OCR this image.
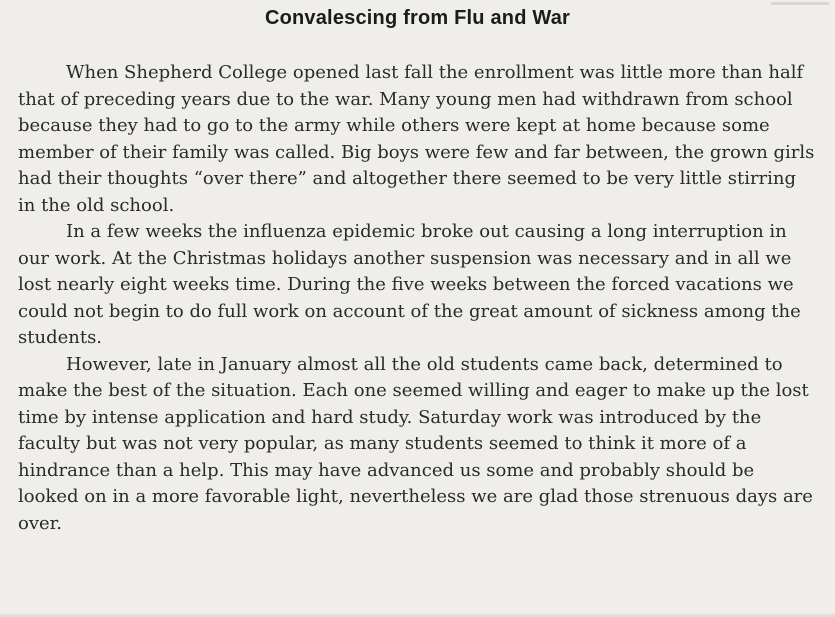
Convalescing from Flu and War

When Shepherd College opened last fall the enrollment was little more than half that of preceding years due to the war. Many young men had withdrawn from school because they had to go to the army while others were kept at home because some member of their family was called. Big boys were few and far between, the grown girls had their thoughts “over there” and altogether there seemed to be very little stirring in the old school.

In a few weeks the influenza epidemic broke out causing a long interruption in our work. At the Christmas holidays another suspension was necessary and in all we lost nearly eight weeks time. During the five weeks between the forced vacations we could not begin to do full work on account of the great amount of sickness among the students.

However, late in January almost all the old students came back, determined to make the best of the situation. Each one seemed willing and eager to make up the lost time by intense application and hard study. Saturday work was introduced by the faculty but was not very popular, as many students seemed to think it more of a hindrance than a help. This may have advanced us some and probably should be looked on in a more favorable light, nevertheless we are glad those strenuous days are over.
